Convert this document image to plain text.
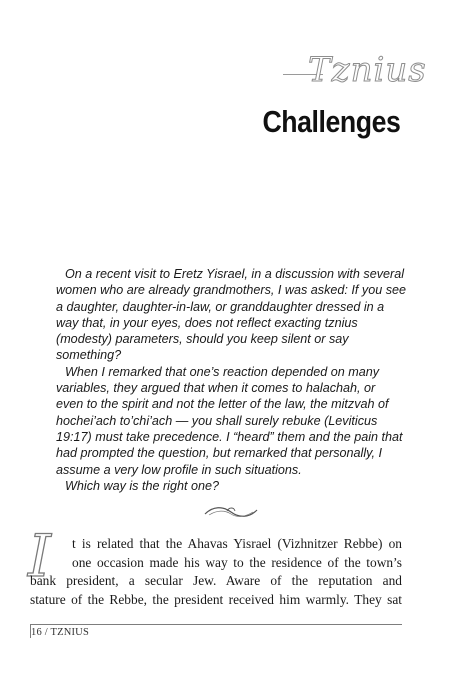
Tznius
Challenges

On a recent visit to Eretz Yisrael, in a discussion with several women who are already grandmothers, I was asked: If you see a daughter, daughter-in-law, or granddaughter dressed in a way that, in your eyes, does not reflect exacting tznius (modesty) parameters, should you keep silent or say something?

When I remarked that one’s reaction depended on many variables, they argued that when it comes to halachah, or even to the spirit and not the letter of the law, the mitzvah of hochei’ach to’chi’ach — you shall surely rebuke (Leviticus 19:17) must take precedence. I “heard” them and the pain that had prompted the question, but remarked that personally, I assume a very low profile in such situations.

Which way is the right one?

I t is related that the Ahavas Yisrael (Vizhnitzer Rebbe) on
one occasion made his way to the residence of the town’s
bank president, a secular Jew. Aware of the reputation and
stature of the Rebbe, the president received him warmly. They sat
16 / TZNIUS
